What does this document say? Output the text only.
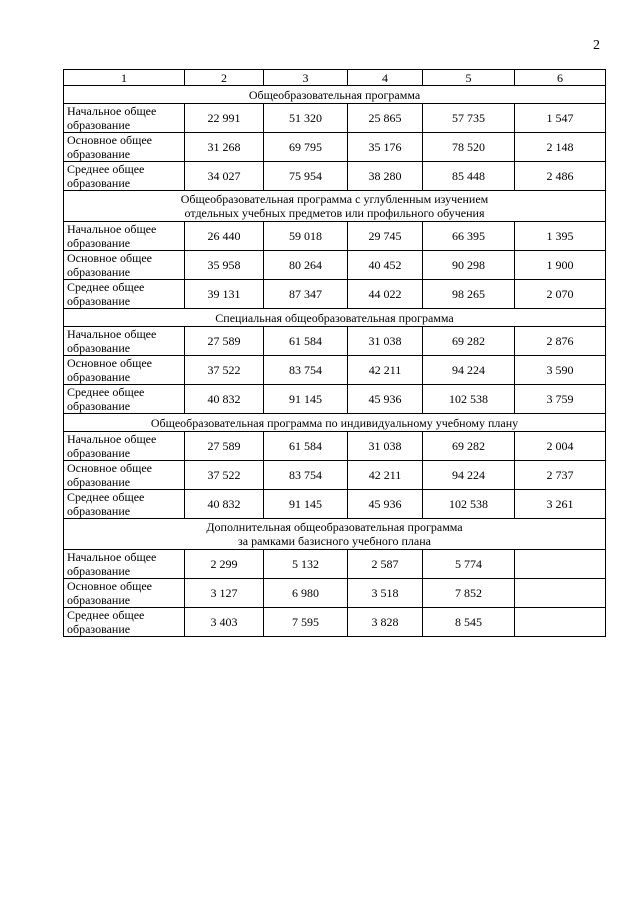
2
1	2	3	4	5	6

Общеобразовательная программа					

Начальное общее
образование	22 991	51 320	25 865	57 735	1 547

Основное общее
образование	31 268	69 795	35 176	78 520	2 148

Среднее общее
образование	34 027	75 954	38 280	85 448	2 486

Общеобразовательная программа с углубленным изучением
отдельных учебных предметов или профильного обучения					

Начальное общее
образование	26 440	59 018	29 745	66 395	1 395

Основное общее
образование	35 958	80 264	40 452	90 298	1 900

Среднее общее
образование	39 131	87 347	44 022	98 265	2 070

Специальная общеобразовательная программа					

Начальное общее
образование	27 589	61 584	31 038	69 282	2 876

Основное общее
образование	37 522	83 754	42 211	94 224	3 590

Среднее общее
образование	40 832	91 145	45 936	102 538	3 759

Общеобразовательная программа по индивидуальному учебному плану					

Начальное общее
образование	27 589	61 584	31 038	69 282	2 004

Основное общее
образование	37 522	83 754	42 211	94 224	2 737

Среднее общее
образование	40 832	91 145	45 936	102 538	3 261

Дополнительная общеобразовательная программа
за рамками базисного учебного плана					

Начальное общее
образование	2 299	5 132	2 587	5 774	

Основное общее
образование	3 127	6 980	3 518	7 852	

Среднее общее
образование	3 403	7 595	3 828	8 545	
